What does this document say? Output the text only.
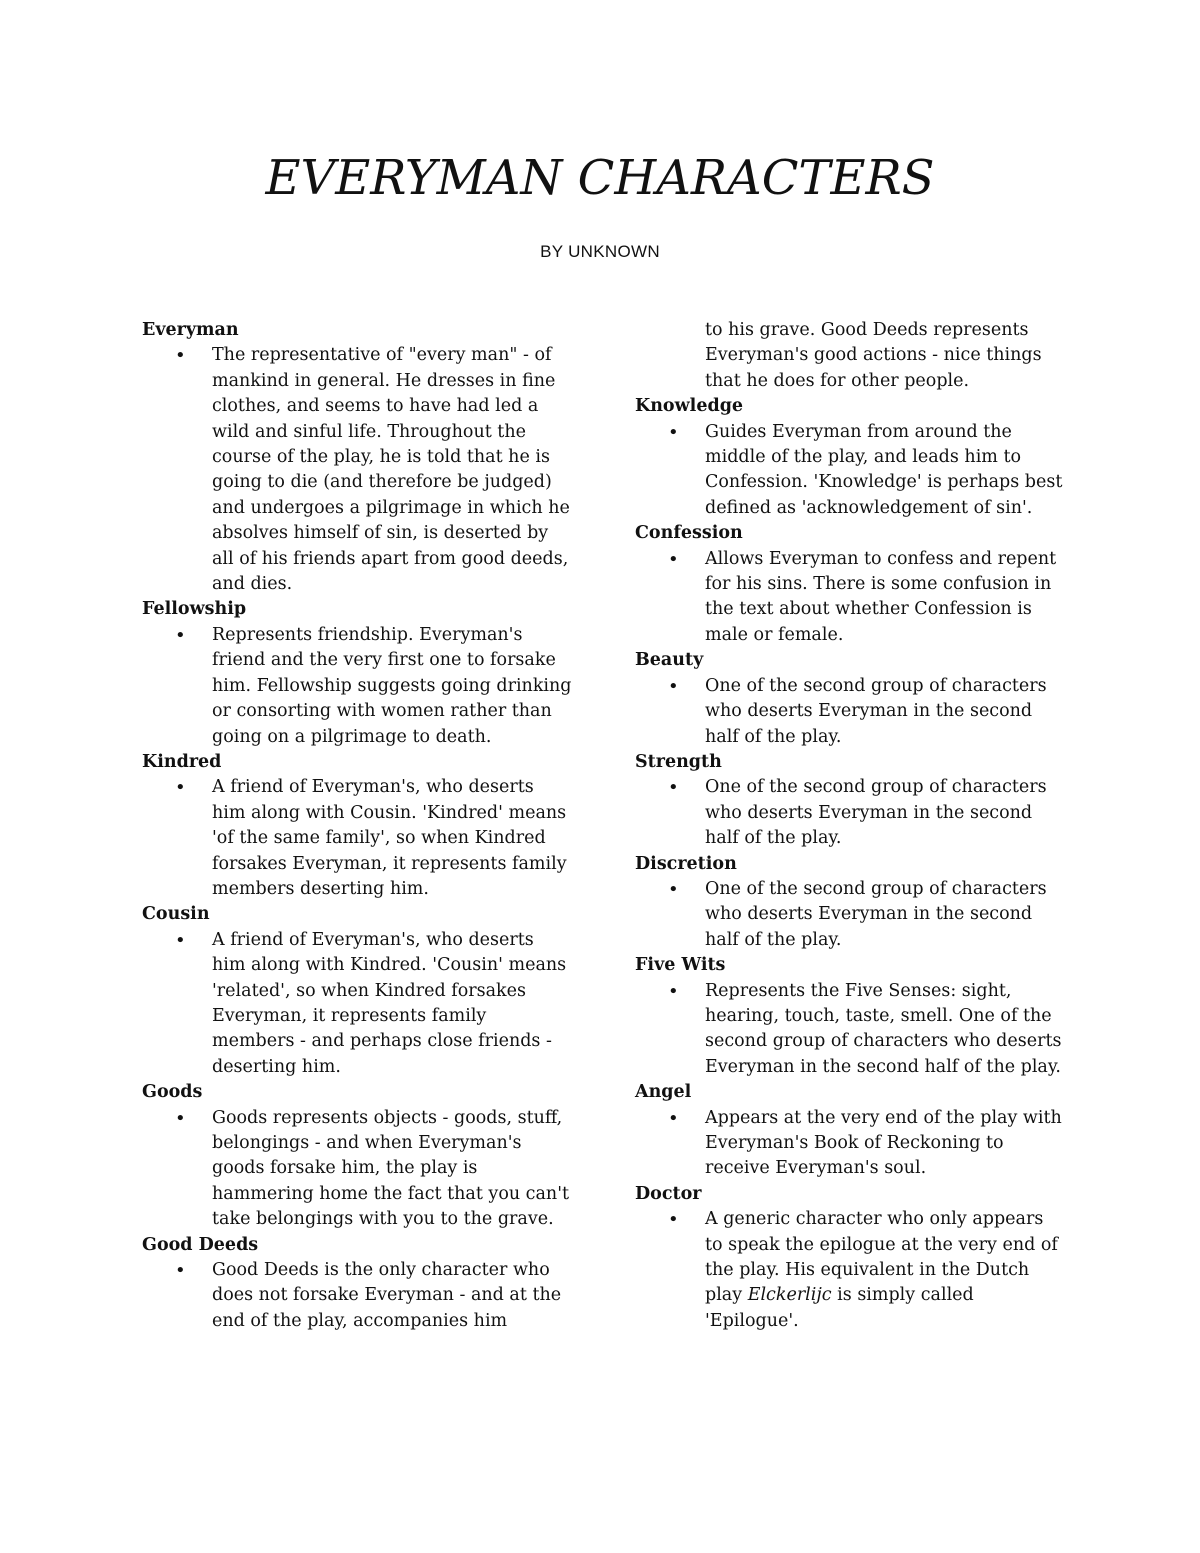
EVERYMAN CHARACTERS
BY UNKNOWN
Everyman
• The representative of "every man" - of mankind in general. He dresses in fine clothes, and seems to have had led a wild and sinful life. Throughout the course of the play, he is told that he is going to die (and therefore be judged) and undergoes a pilgrimage in which he absolves himself of sin, is deserted by all of his friends apart from good deeds, and dies.
Fellowship
• Represents friendship. Everyman's friend and the very first one to forsake him. Fellowship suggests going drinking or consorting with women rather than going on a pilgrimage to death.
Kindred
• A friend of Everyman's, who deserts him along with Cousin. 'Kindred' means 'of the same family', so when Kindred forsakes Everyman, it represents family members deserting him.
Cousin
• A friend of Everyman's, who deserts him along with Kindred. 'Cousin' means 'related', so when Kindred forsakes Everyman, it represents family members - and perhaps close friends - deserting him.
Goods
• Goods represents objects - goods, stuff, belongings - and when Everyman's goods forsake him, the play is hammering home the fact that you can't take belongings with you to the grave.
Good Deeds
• Good Deeds is the only character who does not forsake Everyman - and at the end of the play, accompanies him
to his grave. Good Deeds represents Everyman's good actions - nice things that he does for other people.
Knowledge
• Guides Everyman from around the middle of the play, and leads him to Confession. 'Knowledge' is perhaps best defined as 'acknowledgement of sin'.
Confession
• Allows Everyman to confess and repent for his sins. There is some confusion in the text about whether Confession is male or female.
Beauty
• One of the second group of characters who deserts Everyman in the second half of the play.
Strength
• One of the second group of characters who deserts Everyman in the second half of the play.
Discretion
• One of the second group of characters who deserts Everyman in the second half of the play.
Five Wits
• Represents the Five Senses: sight, hearing, touch, taste, smell. One of the second group of characters who deserts Everyman in the second half of the play.
Angel
• Appears at the very end of the play with Everyman's Book of Reckoning to receive Everyman's soul.
Doctor
• A generic character who only appears to speak the epilogue at the very end of the play. His equivalent in the Dutch play Elckerlijc is simply called 'Epilogue'.
